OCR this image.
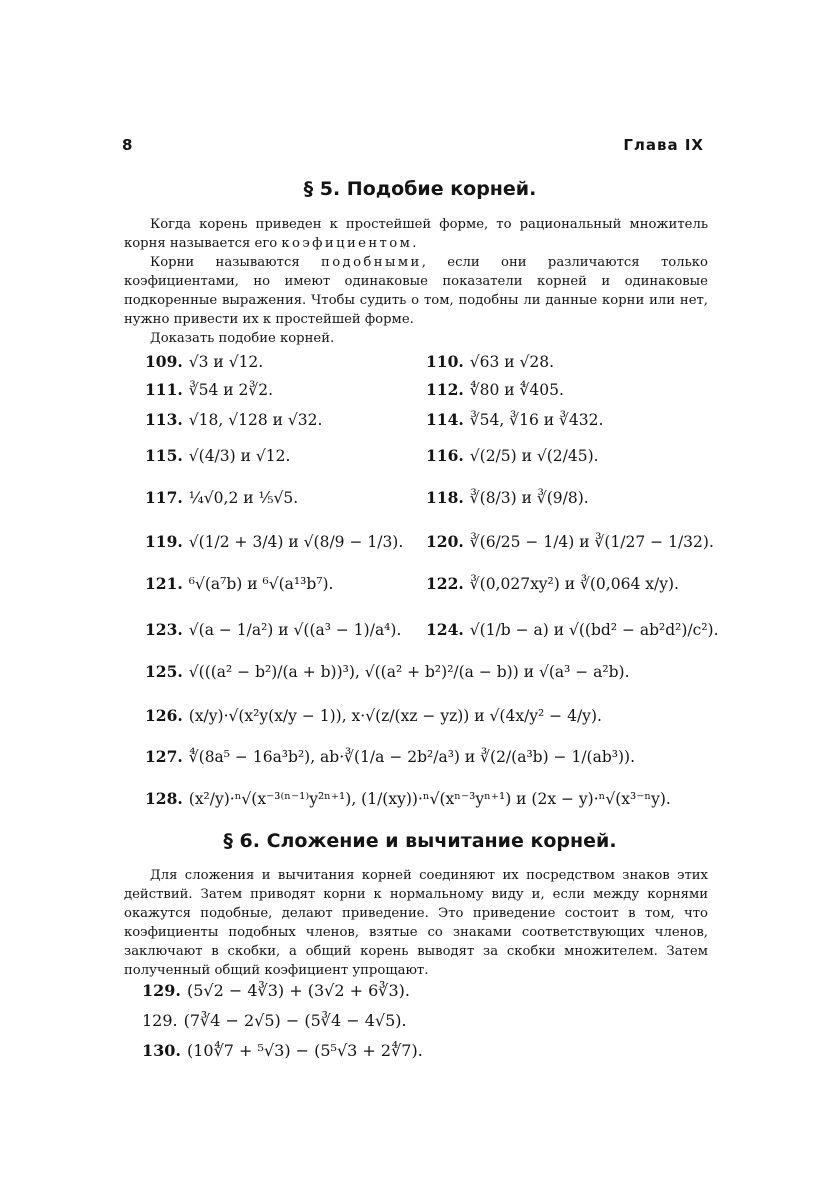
8	Глава IX
§ 5. Подобие корней.

Когда корень приведен к простейшей форме, то рациональный множитель корня называется его коэфициентом.

Корни называются подобными, если они различаются только коэфициентами, но имеют одинаковые показатели корней и одинаковые подкоренные выражения. Чтобы судить о том, подобны ли данные корни или нет, нужно привести их к простейшей форме.

Доказать подобие корней.

109. √3 и √12.	110. √63 и √28.
111. ∛54 и 2∛2.	112. ∜80 и ∜405.
113. √18, √128 и √32.	114. ∛54, ∛16 и ∛432.
115. √(4/3) и √12.	116. √(2/5) и √(2/45).
117. ¼√0,2 и ⅕√5.	118. ∛(8/3) и ∛(9/8).
119. √(1/2 + 3/4) и √(8/9 − 1/3). 120. ∛(6/25 − 1/4) и ∛(1/27 − 1/32).
121. ⁶√(a⁷b) и ⁶√(a¹³b⁷).	122. ∛(0,027xy²) и ∛(0,064 x/y).
123. √(a − 1/a²) и √((a³ − 1)/a⁴). 124. √(1/b − a) и √((bd² − ab²d²)/c²).
125. √(((a² − b²)/(a + b))³), √((a² + b²)²/(a − b)) и √(a³ − a²b).
126. (x/y)·√(x²y(x/y − 1)), x·√(z/(xz − yz)) и √(4x/y² − 4/y).
127. ∜(8a⁵ − 16a³b²), ab·∛(1/a − 2b²/a³) и ∛(2/(a³b) − 1/(ab³)).
128. (x²/y)·ⁿ√(x⁻³⁽ⁿ⁻¹⁾y²ⁿ⁺¹), (1/(xy))·ⁿ√(xⁿ⁻³yⁿ⁺¹) и (2x − y)·ⁿ√(x³⁻ⁿy).
§ 6. Сложение и вычитание корней.

Для сложения и вычитания корней соединяют их посредством знаков этих действий. Затем приводят корни к нормальному виду и, если между корнями окажутся подобные, делают приведение. Это приведение состоит в том, что коэфициенты подобных членов, взятые со знаками соответствующих членов, заключают в скобки, а общий корень выводят за скобки множителем. Затем полученный общий коэфициент упрощают.

129. (5√2 − 4∛3) + (3√2 + 6∛3).
129. (7∛4 − 2√5) − (5∛4 − 4√5).
130. (10∜7 + ⁵√3) − (5⁵√3 + 2∜7).
